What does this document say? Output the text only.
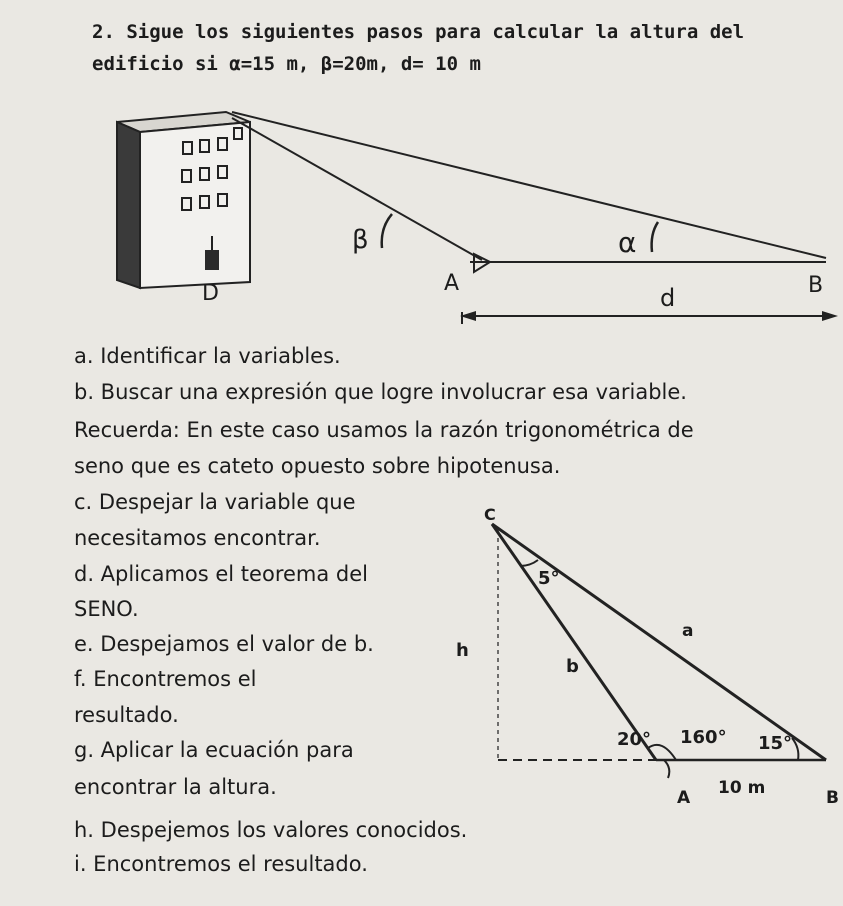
2. Sigue los siguientes pasos para calcular la altura del
edificio si α=15 m, β=20m, d= 10 m
β	α
D	A
d	B
a. Identificar la variables.
b. Buscar una expresión que logre involucrar esa variable.
Recuerda: En este caso usamos la razón trigonométrica de
seno que es cateto opuesto sobre hipotenusa.
c. Despejar la variable que
necesitamos encontrar.
d. Aplicamos el teorema del
SENO.
e. Despejamos el valor de b.
f. Encontremos el
resultado.
g. Aplicar la ecuación para
encontrar la altura.
h. Despejemos los valores conocidos.
i. Encontremos el resultado.
C
5°
a
h
b
20° 160° 15°
A 10 m	B
